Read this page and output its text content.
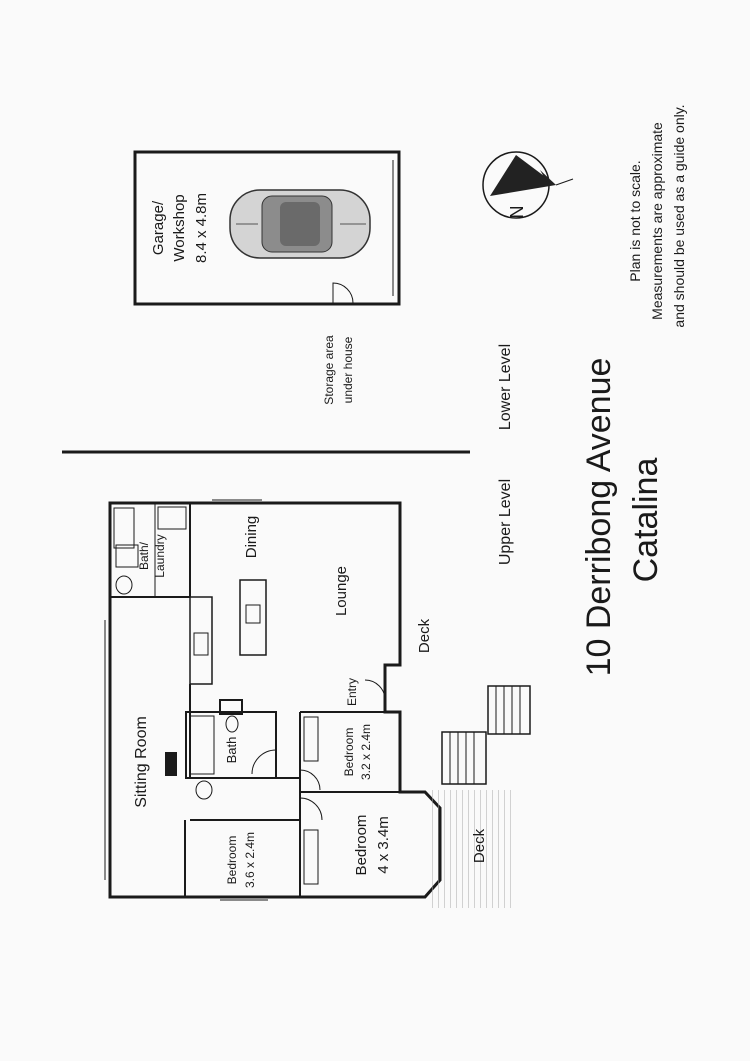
Garage/ Workshop 8.4 x 4.8m
Storage area under house
N
Lower Level
Upper Level 10 Derribong Avenue Catalina
Plan is not to scale. Measurements are approximate and should be used as a guide only.
Bath/ Laundry	Dining
Lounge
Entry
Bath
Sitting Room	Bedroom 3.2 x 2.4m
Bedroom 4 x 3.4m
Bedroom 3.6 x 2.4m
Deck
Deck
